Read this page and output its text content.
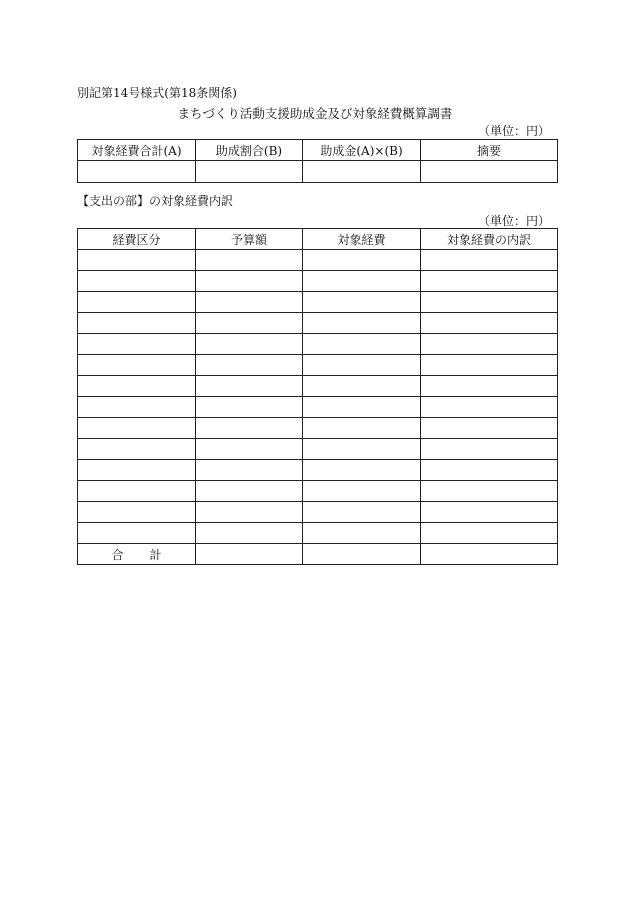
別記第14号様式(第18条関係)
まちづくり活動支援助成金及び対象経費概算調書
（単位：円）
対象経費合計(A)	助成割合(B)	助成金(A)×(B)	摘要

【支出の部】の対象経費内訳
（単位：円）
経費区分	予算額	対象経費	対象経費の内訳

合 計			
